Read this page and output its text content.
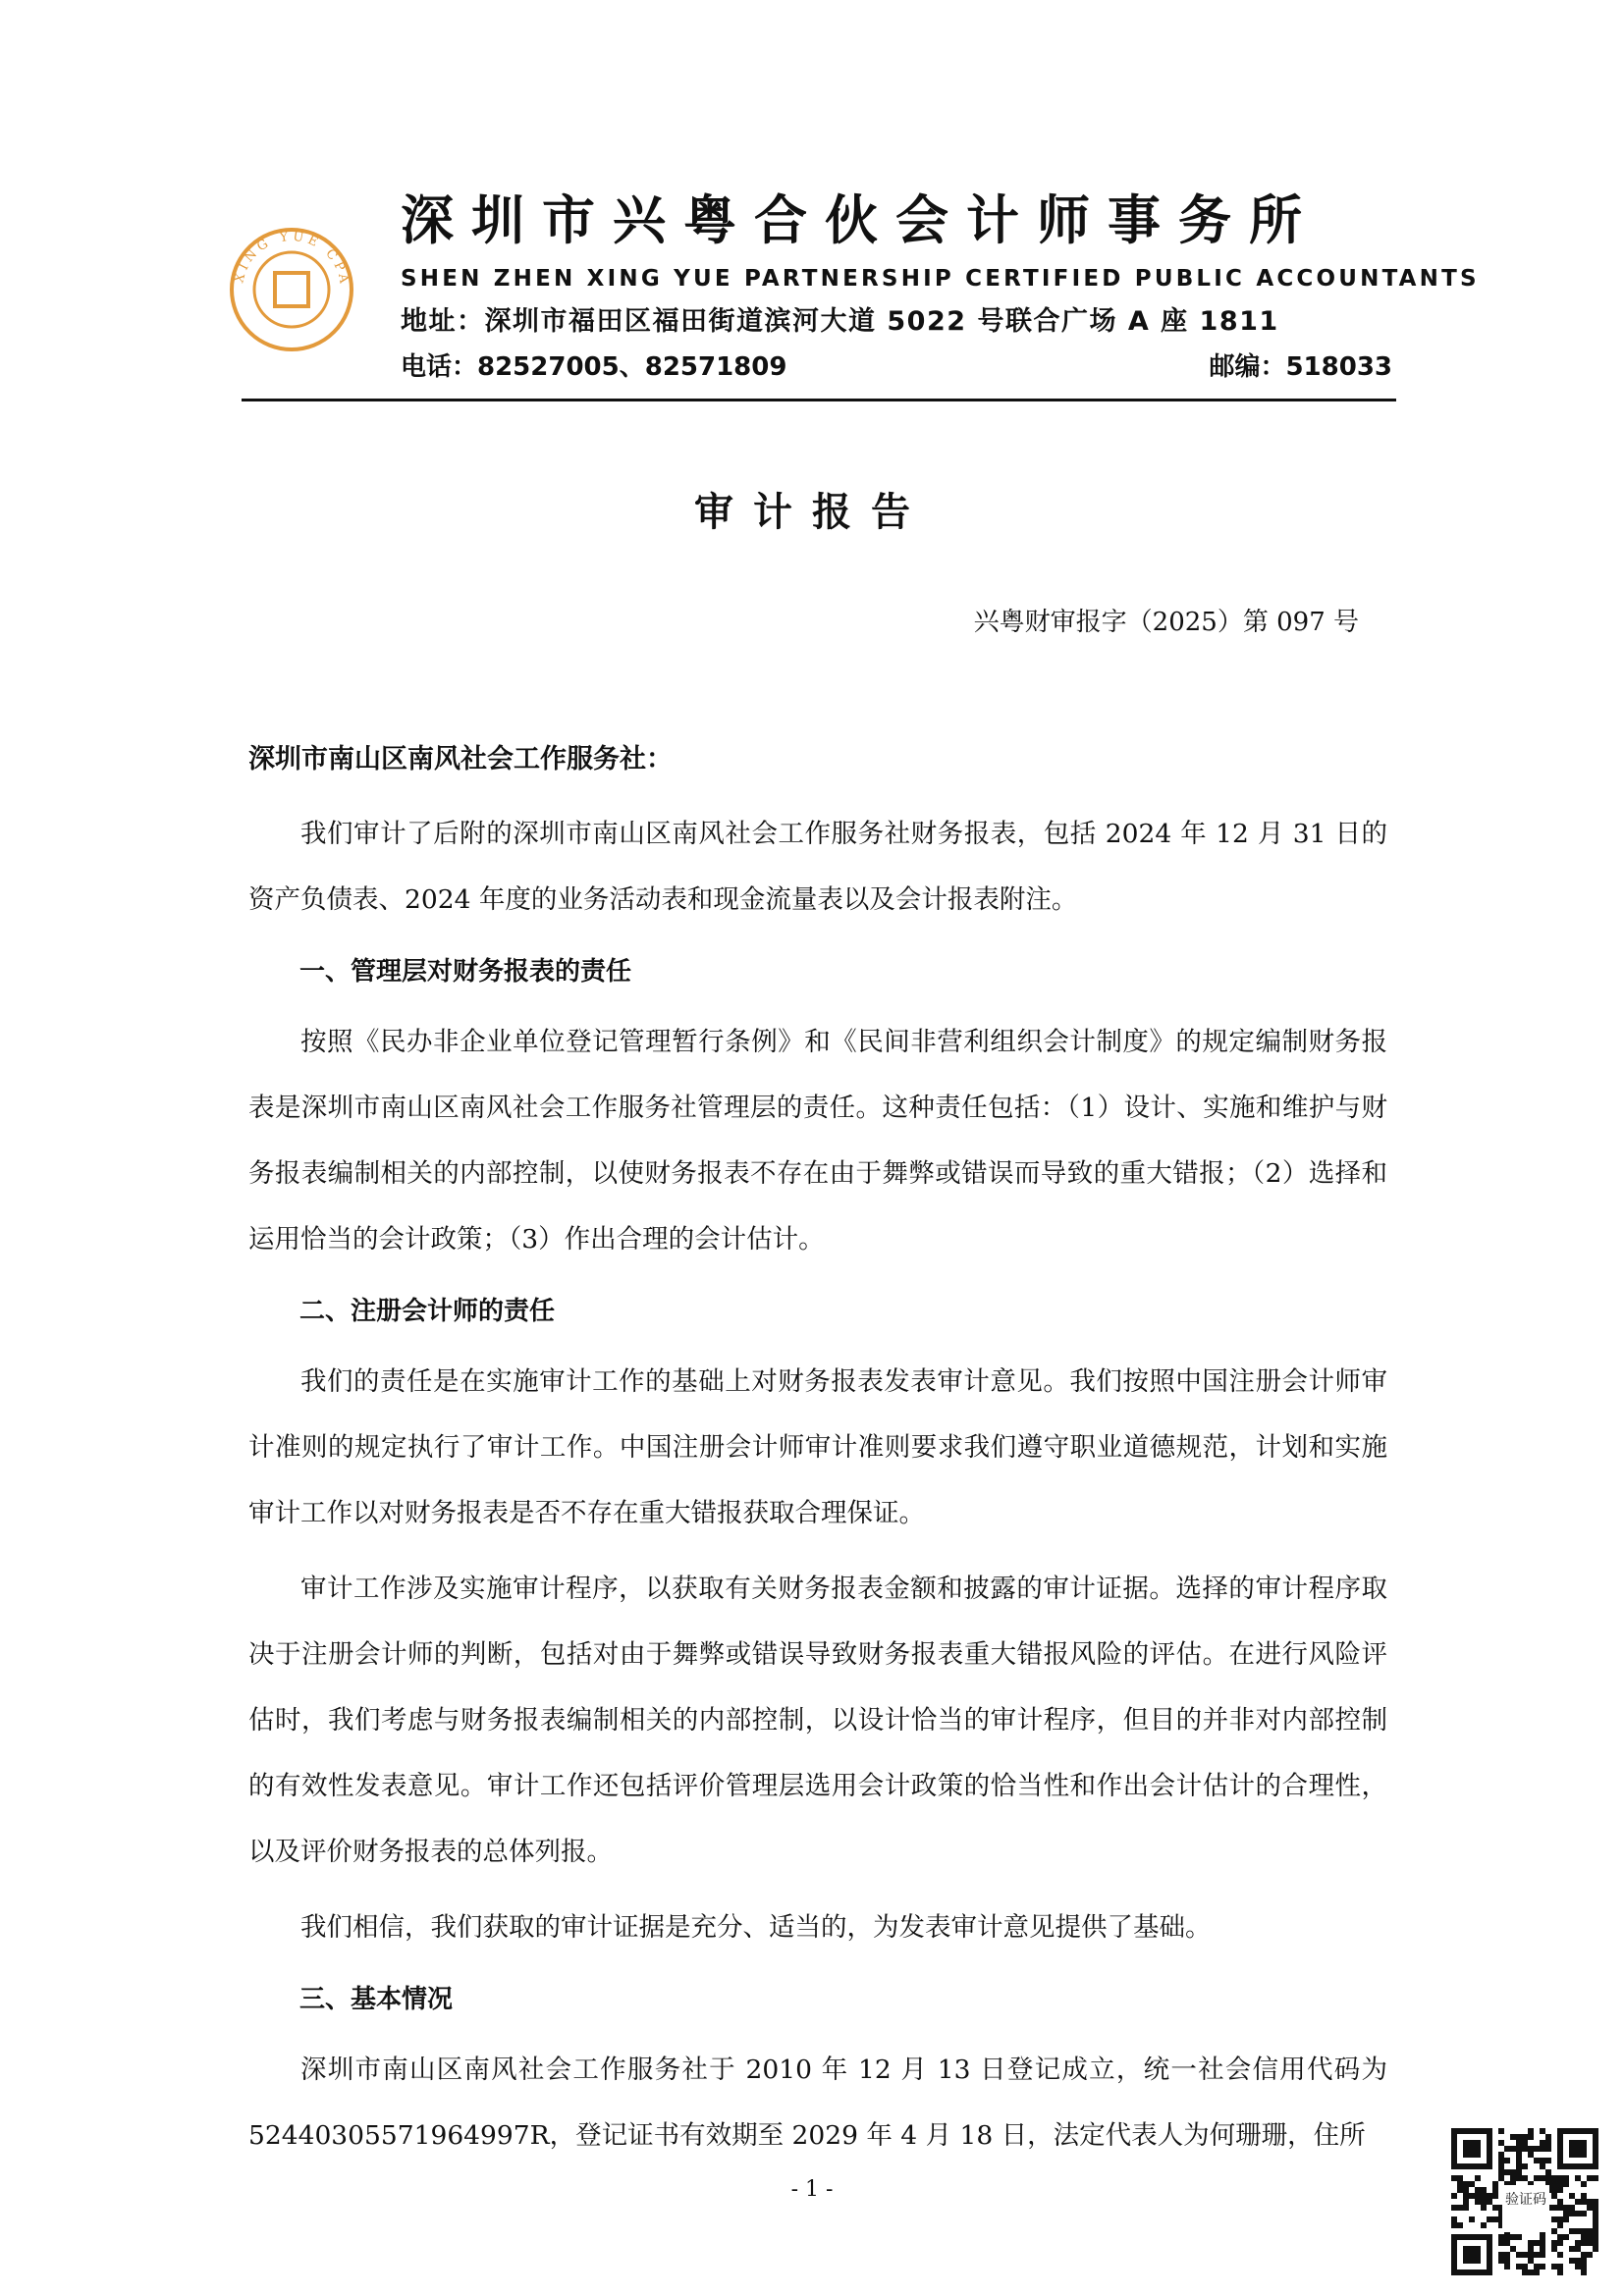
XING YUE CPA
深圳市兴粤合伙会计师事务所
SHEN ZHEN XING YUE PARTNERSHIP CERTIFIED PUBLIC ACCOUNTANTS
地址：深圳市福田区福田街道滨河大道 5022 号联合广场 A 座 1811
电话：82527005、82571809	邮编：518033
审计报告
兴粤财审报字（2025）第 097 号

深圳市南山区南风社会工作服务社：

我们审计了后附的深圳市南山区南风社会工作服务社财务报表，包括 2024 年 12 月 31 日的资产负债表、2024 年度的业务活动表和现金流量表以及会计报表附注。

一、管理层对财务报表的责任

按照《民办非企业单位登记管理暂行条例》和《民间非营利组织会计制度》的规定编制财务报表是深圳市南山区南风社会工作服务社管理层的责任。这种责任包括：（1）设计、实施和维护与财务报表编制相关的内部控制，以使财务报表不存在由于舞弊或错误而导致的重大错报；（2）选择和运用恰当的会计政策；（3）作出合理的会计估计。

二、注册会计师的责任

我们的责任是在实施审计工作的基础上对财务报表发表审计意见。我们按照中国注册会计师审计准则的规定执行了审计工作。中国注册会计师审计准则要求我们遵守职业道德规范，计划和实施审计工作以对财务报表是否不存在重大错报获取合理保证。

审计工作涉及实施审计程序，以获取有关财务报表金额和披露的审计证据。选择的审计程序取决于注册会计师的判断，包括对由于舞弊或错误导致财务报表重大错报风险的评估。在进行风险评估时，我们考虑与财务报表编制相关的内部控制，以设计恰当的审计程序，但目的并非对内部控制的有效性发表意见。审计工作还包括评价管理层选用会计政策的恰当性和作出会计估计的合理性，以及评价财务报表的总体列报。

我们相信，我们获取的审计证据是充分、适当的，为发表审计意见提供了基础。

三、基本情况

深圳市南山区南风社会工作服务社于 2010 年 12 月 13 日登记成立，统一社会信用代码为 52440305571964997R，登记证书有效期至 2029 年 4 月 18 日，法定代表人为何珊珊，住所

- 1 -	验证码
